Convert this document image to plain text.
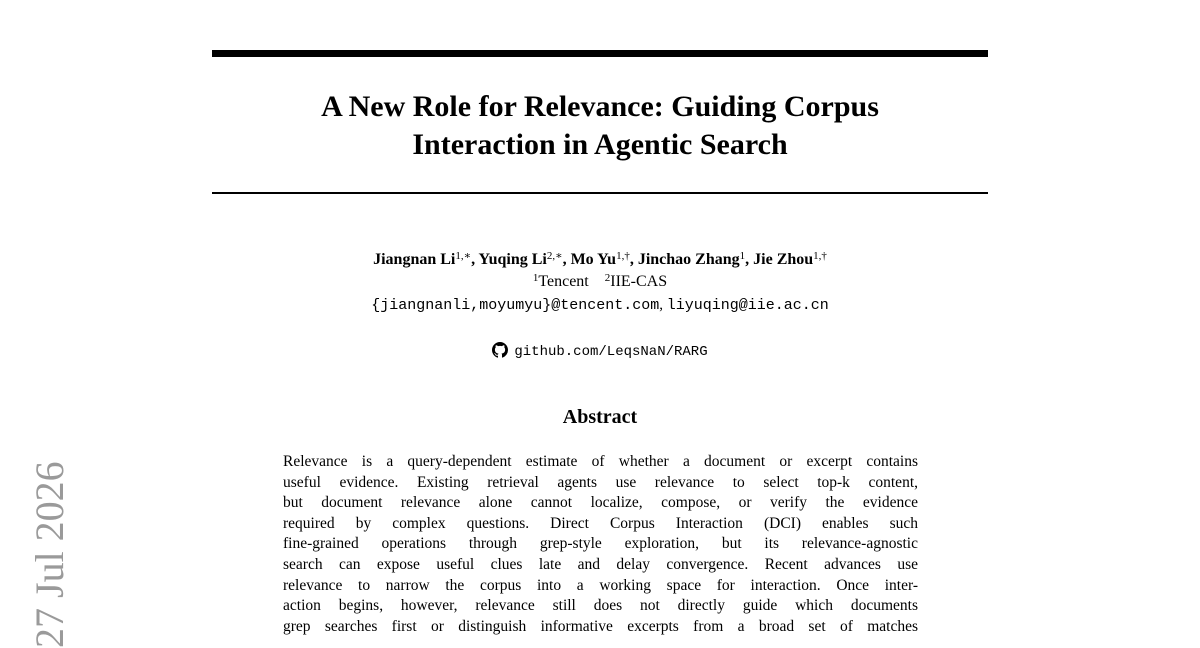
A New Role for Relevance: Guiding Corpus
Interaction in Agentic Search
Jiangnan $Li^{1,∗}$, Yuqing $Li^{2,∗}$, Mo $Yu^{1,\dagger}$, Jinchao Zhang$^1$, Jie Zhou$^{1,\dagger}$
$^1$Tencent $^2$IIE-CAS
{jiangnanli,moyumyu}@tencent.com, liyuqing@iie.ac.cn
github.com/LeqsNaN/RARG
Abstract
Relevance is a query-dependent estimate of whether a document or excerpt contains
useful evidence. Existing retrieval agents use relevance to select top-k content,
but document relevance alone cannot localize, compose, or verify the evidence
required by complex questions. Direct Corpus Interaction (DCI) enables such
fine-grained operations through grep-style exploration, but its relevance-agnostic
search can expose useful clues late and delay convergence. Recent advances use
relevance to narrow the corpus into a working space for interaction. Once inter-
action begins, however, relevance still does not directly guide which documents
grep searches first or distinguish informative excerpts from a broad set of matches
27 Jul 2026
